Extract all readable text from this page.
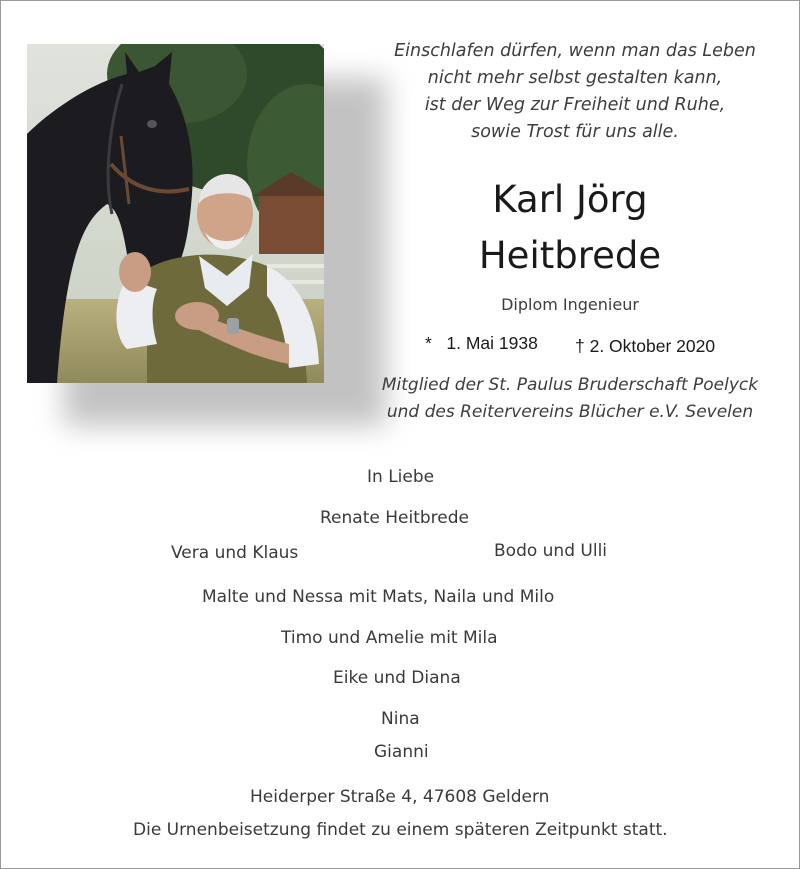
Einschlafen dürfen, wenn man das Leben
nicht mehr selbst gestalten kann,
ist der Weg zur Freiheit und Ruhe,
sowie Trost für uns alle.
Karl Jörg
Heitbrede
Diplom Ingenieur
*   1. Mai 1938 † 2. Oktober 2020
Mitglied der St. Paulus Bruderschaft Poelyck
und des Reitervereins Blücher e.V. Sevelen
In Liebe
Renate Heitbrede
Vera und Klaus	Bodo und Ulli
Malte und Nessa mit Mats, Naila und Milo
Timo und Amelie mit Mila
Eike und Diana
Nina
Gianni
Heiderper Straße 4, 47608 Geldern
Die Urnenbeisetzung findet zu einem späteren Zeitpunkt statt.
